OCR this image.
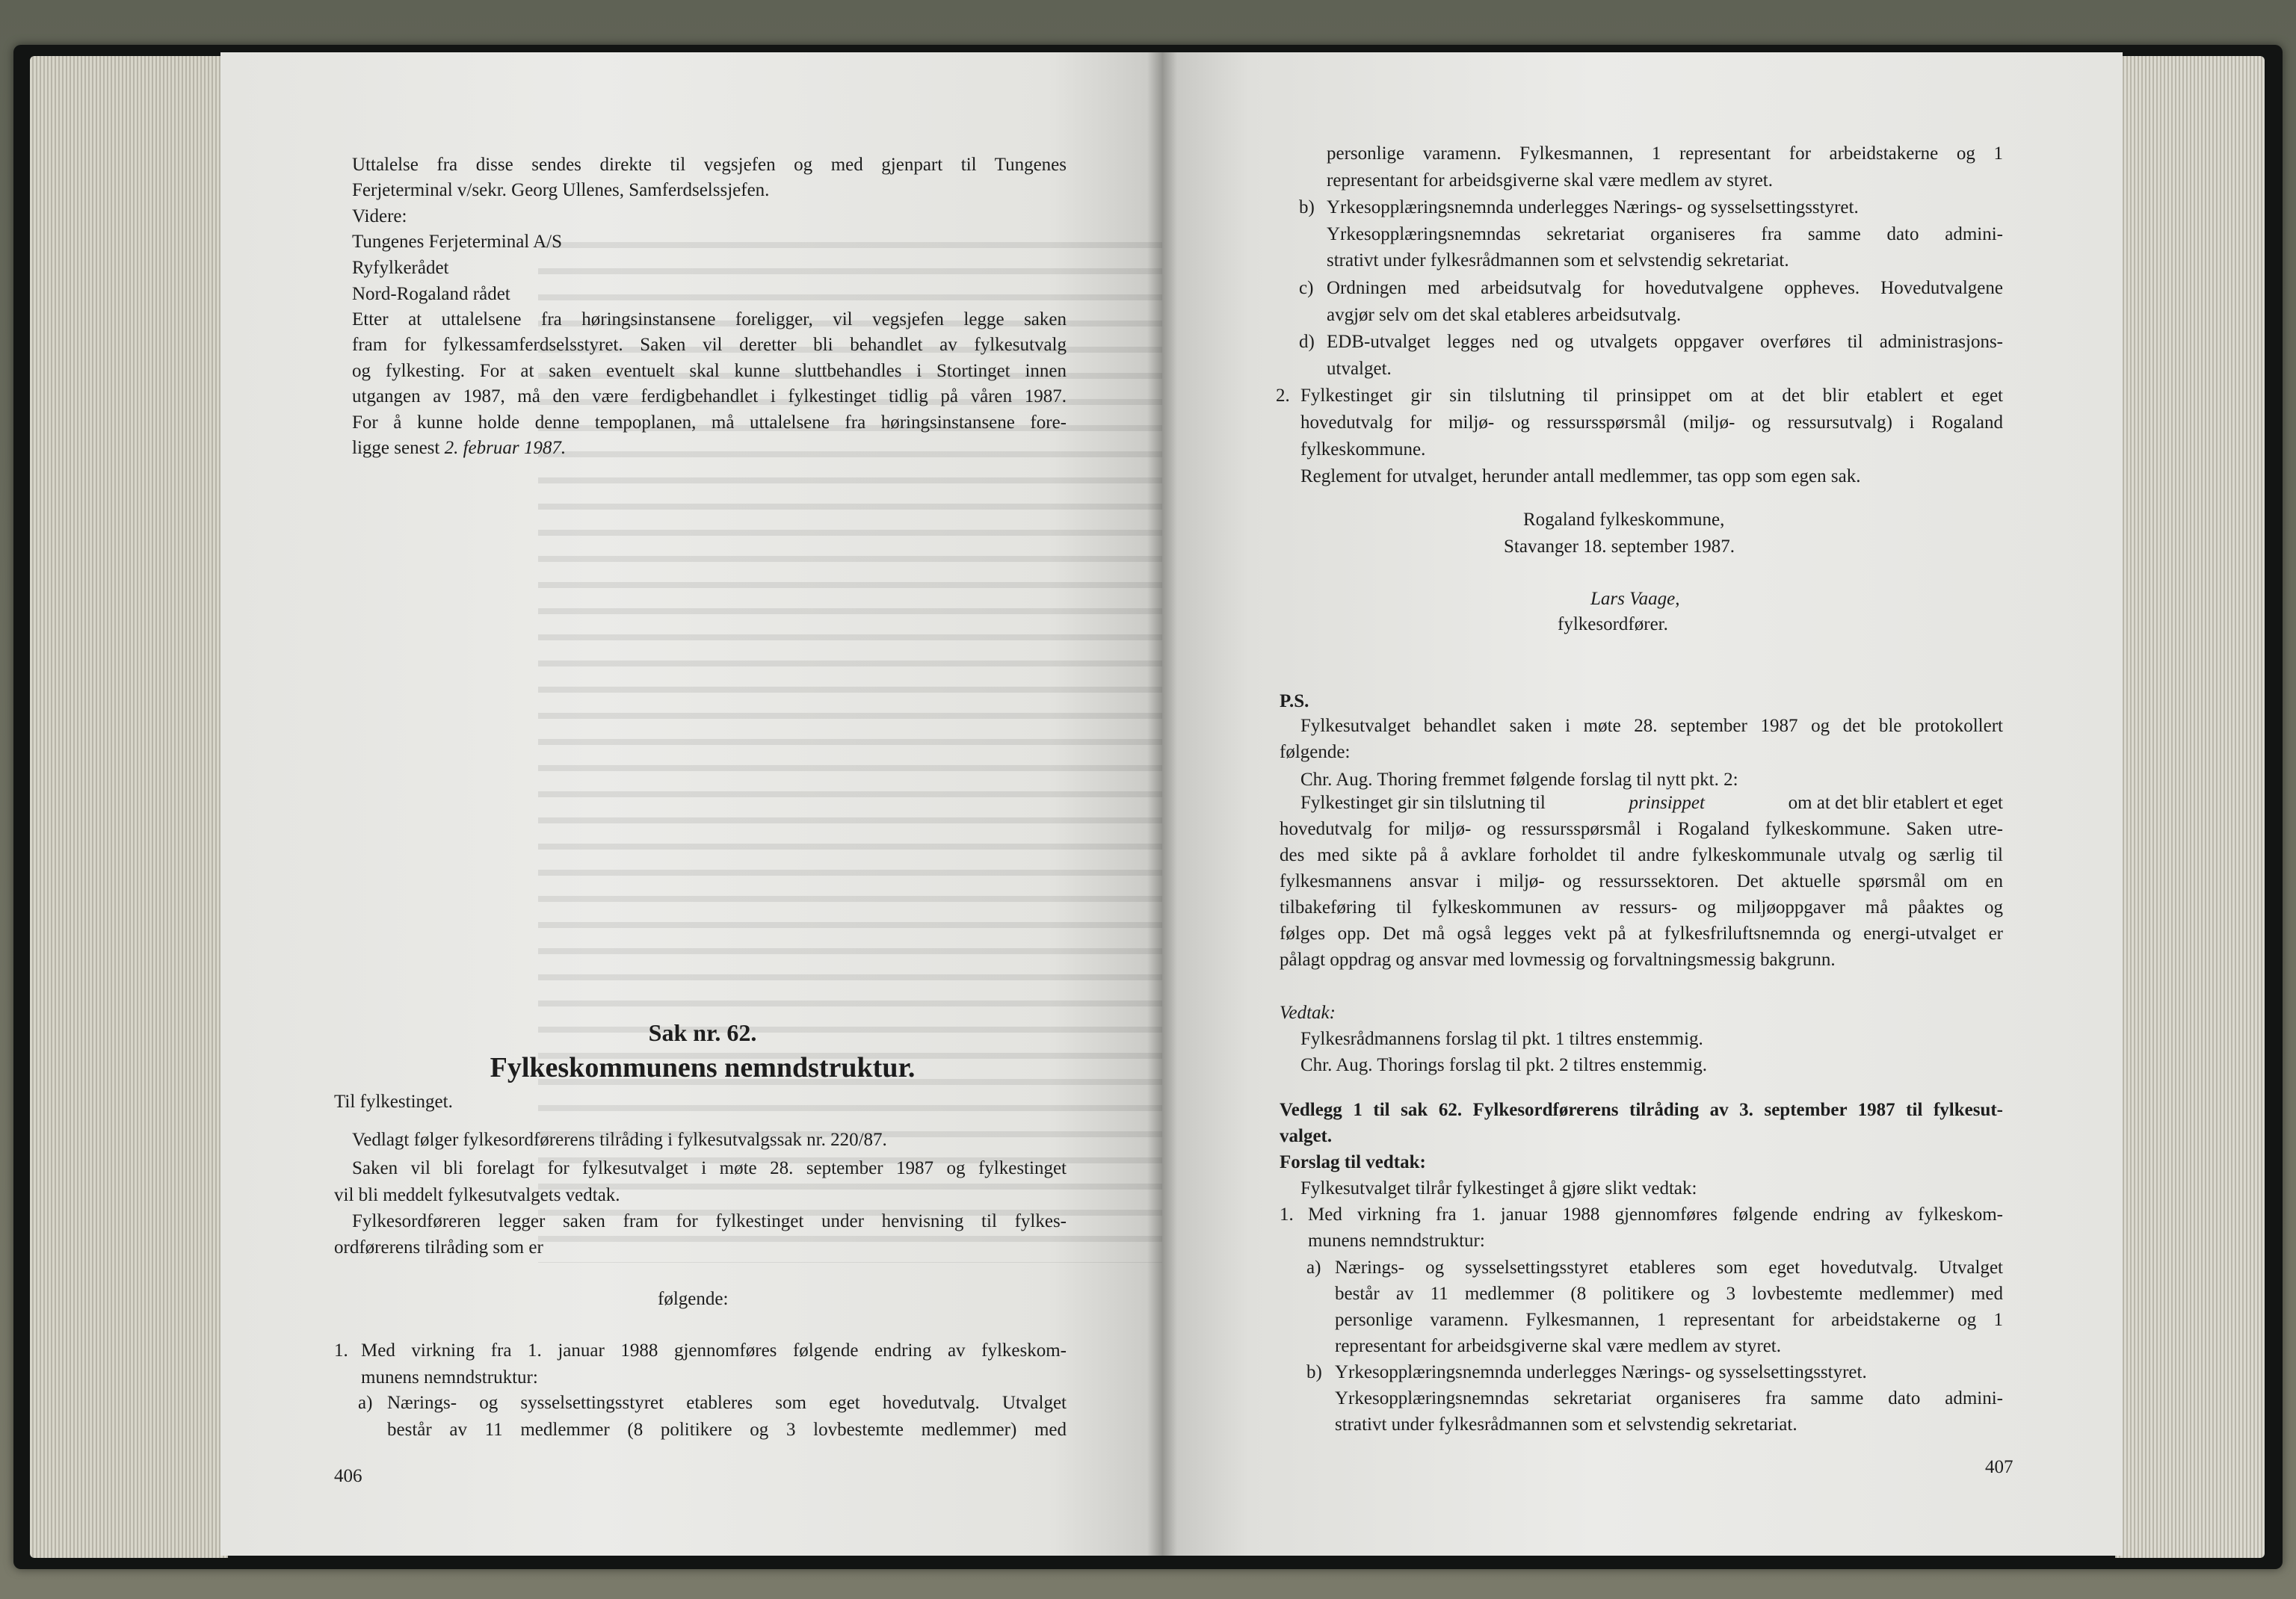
Uttalelse fra disse sendes direkte til vegsjefen og med gjenpart til Tungenes
Ferjeterminal v/sekr. Georg Ullenes, Samferdselssjefen.
Videre:
Tungenes Ferjeterminal A/S
Ryfylkerådet
Nord-Rogaland rådet
Etter at uttalelsene fra høringsinstansene foreligger, vil vegsjefen legge saken
fram for fylkessamferdselsstyret. Saken vil deretter bli behandlet av fylkesutvalg
og fylkesting. For at saken eventuelt skal kunne sluttbehandles i Stortinget innen
utgangen av 1987, må den være ferdigbehandlet i fylkestinget tidlig på våren 1987.
For å kunne holde denne tempoplanen, må uttalelsene fra høringsinstansene fore-
ligge senest 2. februar 1987.
Sak nr. 62.
Fylkeskommunens nemndstruktur.
Til fylkestinget.
Vedlagt følger fylkesordførerens tilråding i fylkesutvalgssak nr. 220/87.
Saken vil bli forelagt for fylkesutvalget i møte 28. september 1987 og fylkestinget
vil bli meddelt fylkesutvalgets vedtak.
Fylkesordføreren legger saken fram for fylkestinget under henvisning til fylkes-
ordførerens tilråding som er
følgende:
1. Med virkning fra 1. januar 1988 gjennomføres følgende endring av fylkeskom-
munens nemndstruktur:
a) Nærings- og sysselsettingsstyret etableres som eget hovedutvalg. Utvalget
består av 11 medlemmer (8 politikere og 3 lovbestemte medlemmer) med
406
personlige varamenn. Fylkesmannen, 1 representant for arbeidstakerne og 1
representant for arbeidsgiverne skal være medlem av styret.
b) Yrkesopplæringsnemnda underlegges Nærings- og sysselsettingsstyret.
Yrkesopplæringsnemndas sekretariat organiseres fra samme dato admini-
strativt under fylkesrådmannen som et selvstendig sekretariat.
c) Ordningen med arbeidsutvalg for hovedutvalgene oppheves. Hovedutvalgene
avgjør selv om det skal etableres arbeidsutvalg.
d) EDB-utvalget legges ned og utvalgets oppgaver overføres til administrasjons-
utvalget.
2. Fylkestinget gir sin tilslutning til prinsippet om at det blir etablert et eget
hovedutvalg for miljø- og ressursspørsmål (miljø- og ressursutvalg) i Rogaland
fylkeskommune.
Reglement for utvalget, herunder antall medlemmer, tas opp som egen sak.
Rogaland fylkeskommune,
Stavanger 18. september 1987.
Lars Vaage,
fylkesordfører.
P.S.
Fylkesutvalget behandlet saken i møte 28. september 1987 og det ble protokollert
følgende:
Chr. Aug. Thoring fremmet følgende forslag til nytt pkt. 2:
Fylkestinget gir sin tilslutning til	prinsippet	om at det blir etablert et eget
hovedutvalg for miljø- og ressursspørsmål i Rogaland fylkeskommune. Saken utre-
des med sikte på å avklare forholdet til andre fylkeskommunale utvalg og særlig til
fylkesmannens ansvar i miljø- og ressurssektoren. Det aktuelle spørsmål om en
tilbakeføring til fylkeskommunen av ressurs- og miljøoppgaver må påaktes og
følges opp. Det må også legges vekt på at fylkesfriluftsnemnda og energi-utvalget er
pålagt oppdrag og ansvar med lovmessig og forvaltningsmessig bakgrunn.
Vedtak:
Fylkesrådmannens forslag til pkt. 1 tiltres enstemmig.
Chr. Aug. Thorings forslag til pkt. 2 tiltres enstemmig.
Vedlegg 1 til sak 62. Fylkesordførerens tilråding av 3. september 1987 til fylkesut-
valget.
Forslag til vedtak:
Fylkesutvalget tilrår fylkestinget å gjøre slikt vedtak:
1. Med virkning fra 1. januar 1988 gjennomføres følgende endring av fylkeskom-
munens nemndstruktur:
a) Nærings- og sysselsettingsstyret etableres som eget hovedutvalg. Utvalget
består av 11 medlemmer (8 politikere og 3 lovbestemte medlemmer) med
personlige varamenn. Fylkesmannen, 1 representant for arbeidstakerne og 1
representant for arbeidsgiverne skal være medlem av styret.
b) Yrkesopplæringsnemnda underlegges Nærings- og sysselsettingsstyret.
Yrkesopplæringsnemndas sekretariat organiseres fra samme dato admini-
strativt under fylkesrådmannen som et selvstendig sekretariat.
407
